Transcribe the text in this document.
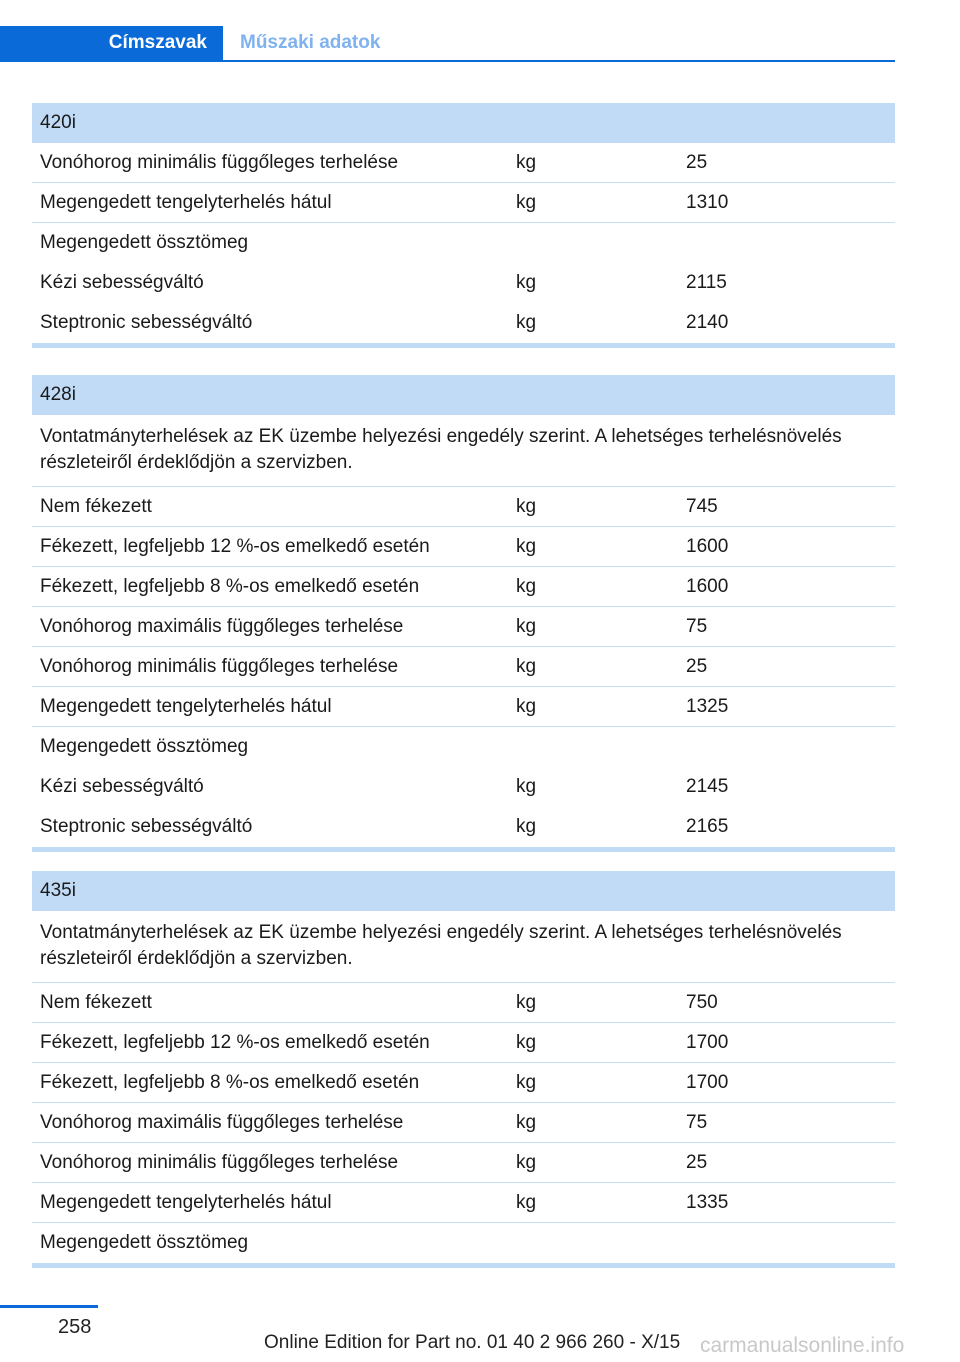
Címszavak Műszaki adatok
420i
Vonóhorog minimális függőleges terhelése	kg	25
Megengedett tengelyterhelés hátul	kg	1310
Megengedett össztömeg
Kézi sebességváltó	kg	2115
Steptronic sebességváltó	kg	2140
428i
Vontatmányterhelések az EK üzembe helyezési engedély szerint. A lehetséges terhelésnövelés részleteiről érdeklődjön a szervizben.
Nem fékezett	kg	745
Fékezett, legfeljebb 12 %-os emelkedő esetén	kg	1600
Fékezett, legfeljebb 8 %-os emelkedő esetén	kg	1600
Vonóhorog maximális függőleges terhelése	kg	75
Vonóhorog minimális függőleges terhelése	kg	25
Megengedett tengelyterhelés hátul	kg	1325
Megengedett össztömeg
Kézi sebességváltó	kg	2145
Steptronic sebességváltó	kg	2165
435i
Vontatmányterhelések az EK üzembe helyezési engedély szerint. A lehetséges terhelésnövelés részleteiről érdeklődjön a szervizben.
Nem fékezett	kg	750
Fékezett, legfeljebb 12 %-os emelkedő esetén	kg	1700
Fékezett, legfeljebb 8 %-os emelkedő esetén	kg	1700
Vonóhorog maximális függőleges terhelése	kg	75
Vonóhorog minimális függőleges terhelése	kg	25
Megengedett tengelyterhelés hátul	kg	1335
Megengedett össztömeg
258
Online Edition for Part no. 01 40 2 966 260 - X/15 carmanualsonline.info
